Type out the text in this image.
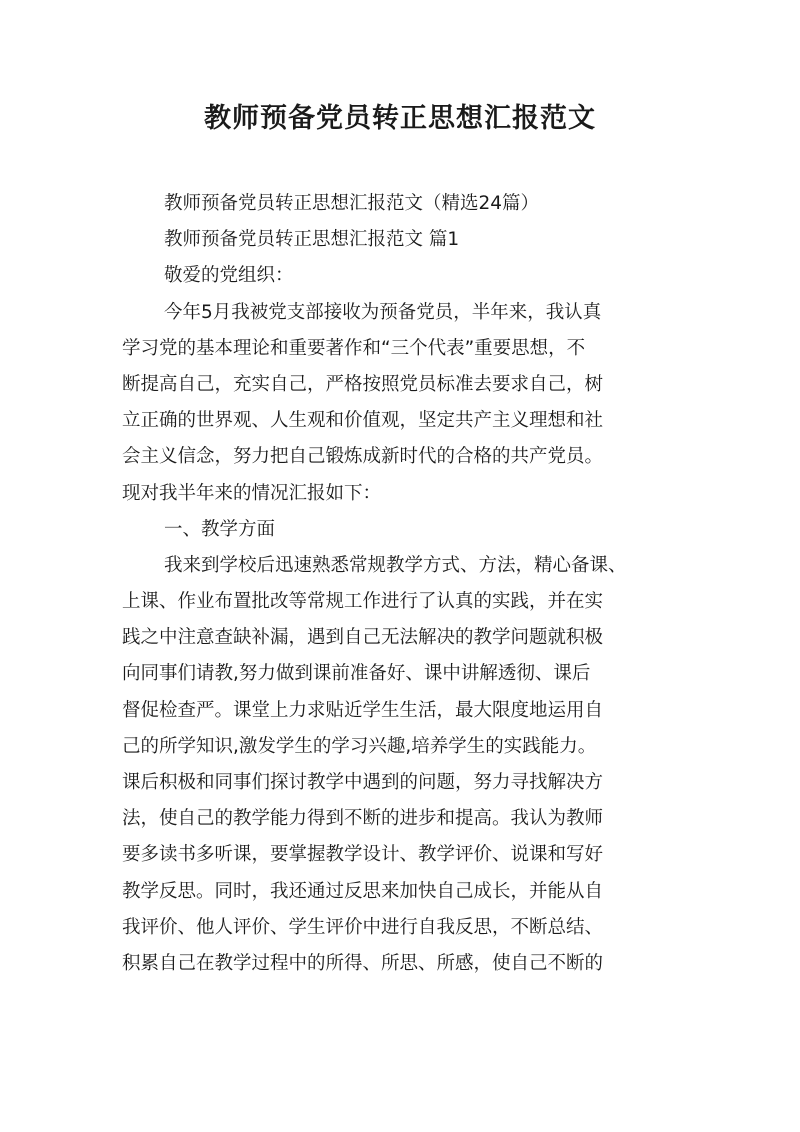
教师预备党员转正思想汇报范文
教师预备党员转正思想汇报范文（精选24篇）
教师预备党员转正思想汇报范文 篇1
敬爱的党组织：
今年5月我被党支部接收为预备党员，半年来，我认真
学习党的基本理论和重要著作和“三个代表”重要思想，不
断提高自己，充实自己，严格按照党员标准去要求自己，树
立正确的世界观、人生观和价值观，坚定共产主义理想和社
会主义信念，努力把自己锻炼成新时代的合格的共产党员。
现对我半年来的情况汇报如下：
一、教学方面
我来到学校后迅速熟悉常规教学方式、方法，精心备课、
上课、作业布置批改等常规工作进行了认真的实践，并在实
践之中注意查缺补漏，遇到自己无法解决的教学问题就积极
向同事们请教,努力做到课前准备好、课中讲解透彻、课后
督促检查严。课堂上力求贴近学生生活，最大限度地运用自
己的所学知识,激发学生的学习兴趣,培养学生的实践能力。
课后积极和同事们探讨教学中遇到的问题，努力寻找解决方
法，使自己的教学能力得到不断的进步和提高。我认为教师
要多读书多听课，要掌握教学设计、教学评价、说课和写好
教学反思。同时，我还通过反思来加快自己成长，并能从自
我评价、他人评价、学生评价中进行自我反思，不断总结、
积累自己在教学过程中的所得、所思、所感，使自己不断的
